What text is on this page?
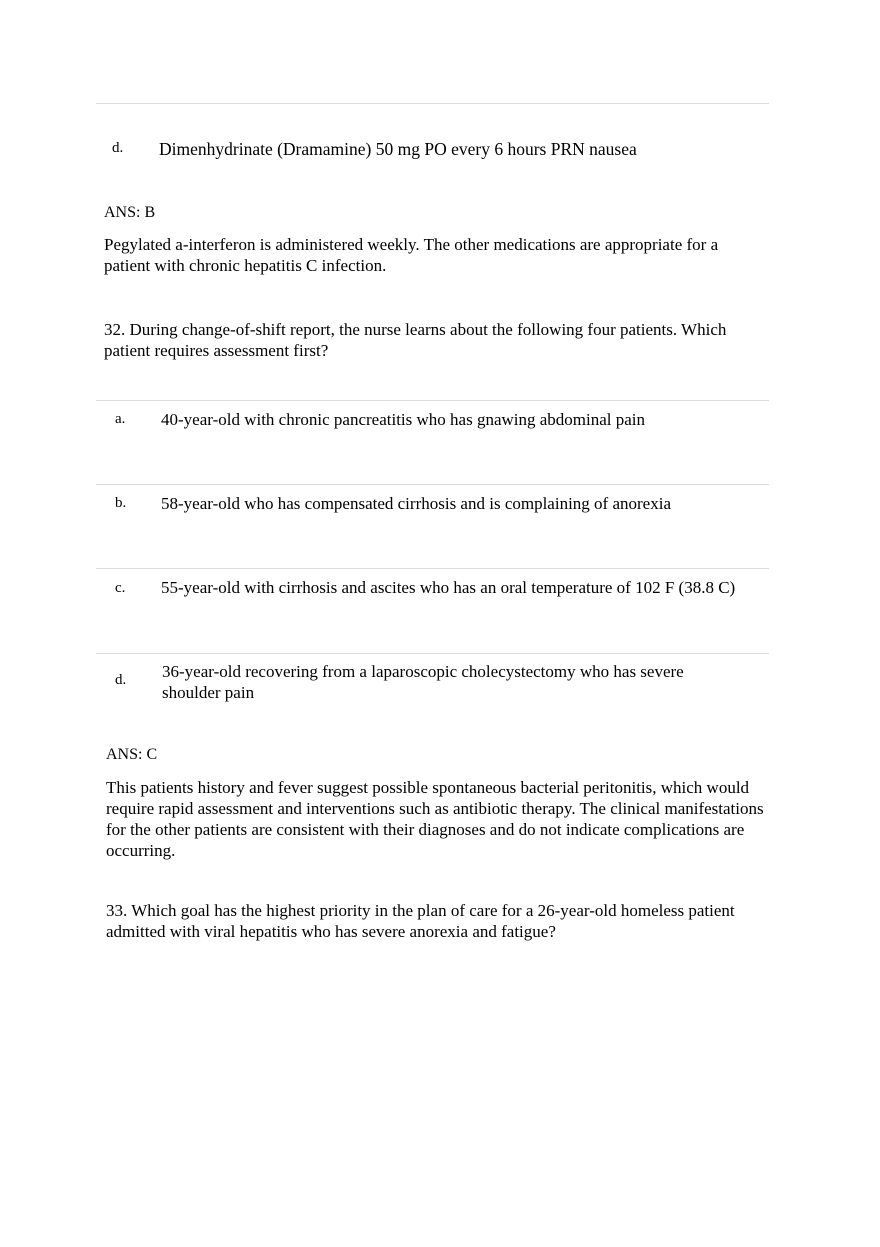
d. Dimenhydrinate (Dramamine) 50 mg PO every 6 hours PRN nausea
ANS: B
Pegylated a-interferon is administered weekly. The other medications are appropriate for a patient with chronic hepatitis C infection.
32. During change-of-shift report, the nurse learns about the following four patients. Which patient requires assessment first?
a. 40-year-old with chronic pancreatitis who has gnawing abdominal pain
b. 58-year-old who has compensated cirrhosis and is complaining of anorexia
c. 55-year-old with cirrhosis and ascites who has an oral temperature of 102 F (38.8 C)
d. 36-year-old recovering from a laparoscopic cholecystectomy who has severe shoulder pain
ANS: C
This patients history and fever suggest possible spontaneous bacterial peritonitis, which would require rapid assessment and interventions such as antibiotic therapy. The clinical manifestations for the other patients are consistent with their diagnoses and do not indicate complications are occurring.
33. Which goal has the highest priority in the plan of care for a 26-year-old homeless patient admitted with viral hepatitis who has severe anorexia and fatigue?
